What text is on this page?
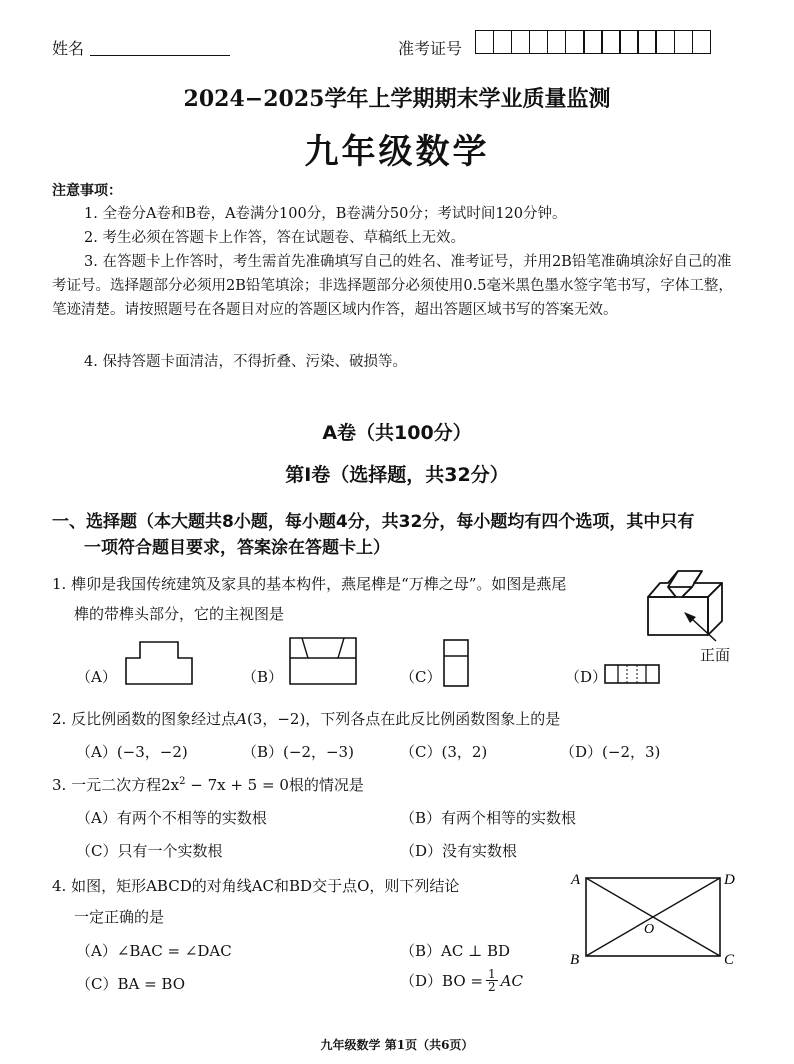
姓名	准考证号
2024−2025学年上学期期末学业质量监测
九年级数学
注意事项：
1. 全卷分A卷和B卷，A卷满分100分，B卷满分50分；考试时间120分钟。
2. 考生必须在答题卡上作答，答在试题卷、草稿纸上无效。
3. 在答题卡上作答时，考生需首先准确填写自己的姓名、准考证号，并用2B铅笔准确填涂好自己的准考证号。选择题部分必须用2B铅笔填涂；非选择题部分必须使用0.5毫米黑色墨水签字笔书写，字体工整，笔迹清楚。请按照题号在各题目对应的答题区域内作答，超出答题区域书写的答案无效。
4. 保持答题卡面清洁，不得折叠、污染、破损等。
A卷（共100分）
第Ⅰ卷（选择题，共32分）
一、选择题（本大题共8小题，每小题4分，共32分，每小题均有四个选项，其中只有
一项符合题目要求，答案涂在答题卡上）
1. 榫卯是我国传统建筑及家具的基本构件，燕尾榫是“万榫之母”。如图是燕尾
榫的带榫头部分，它的主视图是
正面
（A）	（B）	（C）	（D）
2. 反比例函数的图象经过点A(3，−2)，下列各点在此反比例函数图象上的是
（A）(−3，−2)	（B）(−2，−3)	（C）(3，2)	（D）(−2，3)
3. 一元二次方程$2x^2 - 7x + 5 = 0$根的情况是
（A）有两个不相等的实数根	（B）有两个相等的实数根
（C）只有一个实数根	（D）没有实数根
4. 如图，矩形ABCD的对角线AC和BD交于点O，则下列结论
一定正确的是
（A）∠BAC = ∠DAC	（B）AC ⊥ BD
（C）BA = BO	$(D)BO = \frac{1}{2}$ AC
A
B	C
D
O
九年级数学 第1页（共6页）
